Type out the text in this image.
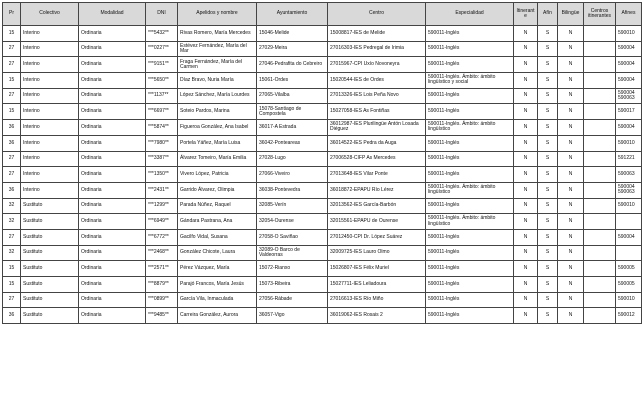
Pr	Colectivo	Modalidad	DNI	Apelidos y nombre	Ayuntamiento	Centro	Especialidad	Itinerante	Afín	Bilingüe	Centros itinerantes	Afines
15	Interino	Ordinaria	***5432**	Rivas Romero, María Mercedes	15046-Melide	15008817-IES de Melide	590011-Inglés	N	S	N		590010
27	Interino	Ordinaria	***0227**	Estévez Fernández, María del Mar	27029-Meira	27016303-IES Pedregal de Irimia	590011-Inglés	N	S	N		590004
27	Interino	Ordinaria	***9151**	Fraga Fernández, María del Carmen	27046-Pedrafita do Cebreiro	27015967-CPI Uxío Novoneyra	590011-Inglés	N	S	N		590004
15	Interino	Ordinaria	***5650**	Díaz Bravo, Nuria María	15061-Ordes	15020544-IES de Ordes	590011-Inglés. Ámbito: ámbito lingüístico y social	N	S	N		590004
27	Interino	Ordinaria	***1137**	López Sánchez, María Lourdes	27065-Vilalba	27013326-IES Lois Peña Novo	590011-Inglés	N	S	N		590004 590063
15	Interino	Ordinaria	***6697**	Soteio Pardos, Marina	15078-Santiago de Compostela	15027058-IES As Fontiñas	590011-Inglés	N	S	N		590017
36	Interino	Ordinaria	***5874**	Figueroa González, Ana Isabel	36017-A Estrada	36012987-IES Plurilingüe Antón Losada Diéguez	590011-Inglés. Ámbito: ámbito lingüístico	N	S	N		590004
36	Interino	Ordinaria	***7980**	Portela Yáñez, María Luisa	36042-Ponteareas	36014522-IES Pedra da Auga	590011-Inglés	N	S	N		590010
27	Interino	Ordinaria	***3387**	Álvarez Tomeiro, María Emilia	27028-Lugo	27006528-CIFP As Mercedes	590011-Inglés	N	S	N		591221
27	Interino	Ordinaria	***1350**	Vivero López, Patricia	27066-Viveiro	27013648-IES Vilar Ponte	590011-Inglés	N	S	N		590063
36	Interino	Ordinaria	***2431**	Garrido Álvarez, Olimpia	36038-Pontevedra	36018872-EPAPU Río Lérez	590011-Inglés. Ámbito: ámbito lingüístico	N	S	N		590004 590063
32	Sustituto	Ordinaria	***1299**	Parada Núñez, Raquel	32085-Verín	32013562-IES García-Barbón	590011-Inglés	N	S	N		590010
32	Sustituto	Ordinaria	***6949**	Gándara Pastrana, Ana	32054-Ourense	32015561-EPAPU de Ourense	590011-Inglés. Ámbito: ámbito lingüístico	N	S	N		
27	Sustituto	Ordinaria	***6772**	Gacilfo Vidal, Susana	27058-O Saviñao	27012450-CPI Dr. López Suárez	590011-Inglés	N	S	N		590004
32	Sustituto	Ordinaria	***2468**	González Chicote, Laura	32089-O Barco de Valdeorras	32009725-IES Lauro Olmo	590011-Inglés	N	S	N		
15	Sustituto	Ordinaria	***2571**	Pérez Vázquez, María	15072-Rianxo	15026807-IES Félix Muriel	590011-Inglés	N	S	N		590005
15	Sustituto	Ordinaria	***8879**	Parajó Francos, María Jesús	15073-Ribeira	15027711-IES Leliadoura	590011-Inglés	N	S	N		590005
27	Sustituto	Ordinaria	***0899**	García Vila, Inmaculada	27056-Rábade	27016613-IES Río Miño	590011-Inglés	N	S	N		590010
36	Sustituto	Ordinaria	***9485**	Carreira González, Aurora	36057-Vigo	36019062-IES Rosais 2	590011-Inglés	N	S	N		590012
